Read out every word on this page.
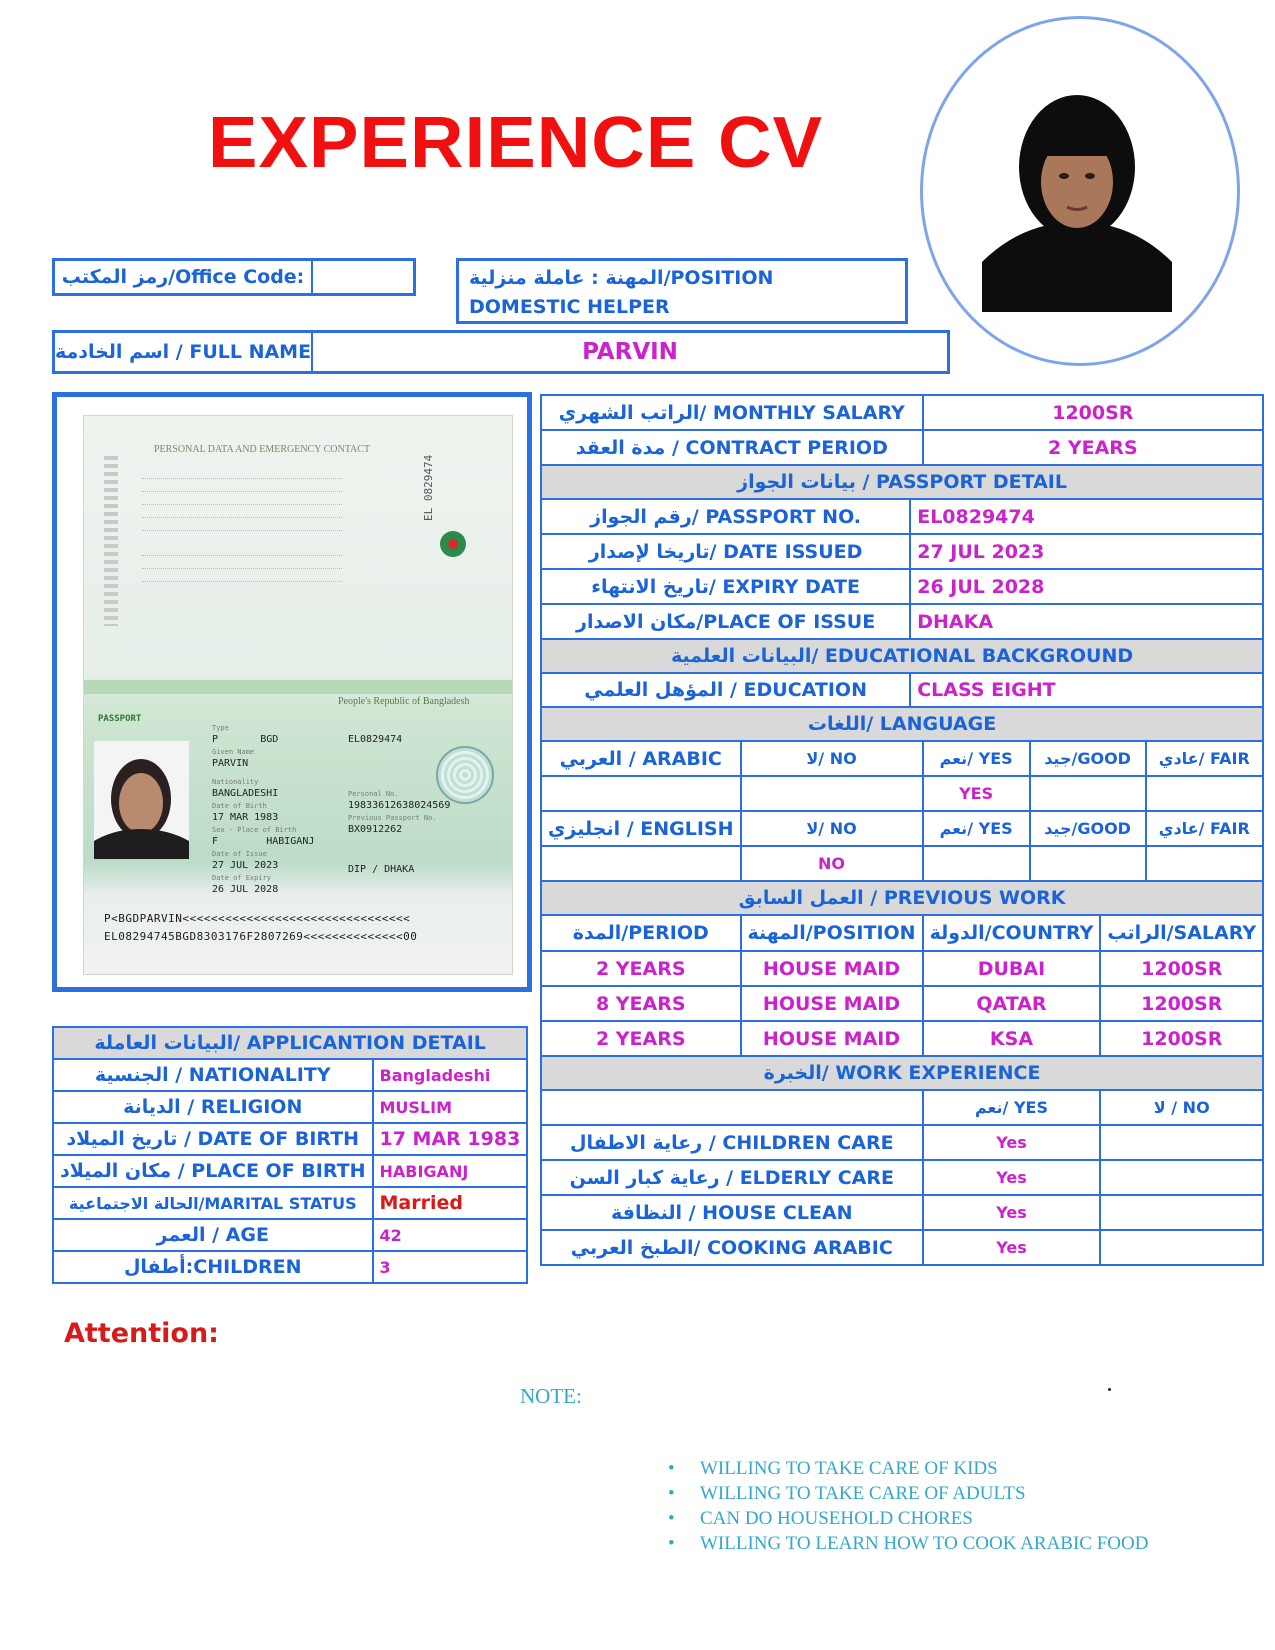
EXPERIENCE CV
رمز المكتب/Office Code:	المهنة : عاملة منزلية/POSITION
DOMESTIC HELPER
اسم الخادمة / FULL NAME	PARVIN
PERSONAL DATA AND EMERGENCY CONTACT
EL 0829474
People's Republic of Bangladesh
PASSPORT
Type
P	BGD
Given Name
PARVIN
Nationality
BANGLADESHI
Date of Birth
17 MAR 1983
Sex · Place of Birth
F	HABIGANJ
Date of Issue
27 JUL 2023
Date of Expiry
26 JUL 2028
EL0829474
Personal No.
19833612638024569
Previous Passport No.
BX0912262
DIP / DHAKA
P<BGDPARVIN<<<<<<<<<<<<<<<<<<<<<<<<<<<<<<<<
EL08294745BGD8303176F2807269<<<<<<<<<<<<<<00
الراتب الشهري/ MONTHLY SALARY			1200SR			
مدة العقد / CONTRACT PERIOD			2 YEARS			
بيانات الجواز / PASSPORT DETAIL						
رقم الجواز/ PASSPORT NO.		EL0829474				
تاريخا لإصدار/ DATE ISSUED		27 JUL 2023				
تاريخ الانتهاء/ EXPIRY DATE		26 JUL 2028				
مكان الاصدار/PLACE OF ISSUE		DHAKA				
البيانات العلمية/ EDUCATIONAL BACKGROUND						
المؤهل العلمي / EDUCATION		CLASS EIGHT				
اللغات/ LANGUAGE						
العربي / ARABIC	لا/ NO		نعم/ YES	جيد/GOOD		عادي/ FAIR
			YES			
انجليزي / ENGLISH	لا/ NO		نعم/ YES	جيد/GOOD		عادي/ FAIR
	NO					
العمل السابق / PREVIOUS WORK						
المدة/PERIOD	المهنة/POSITION		الدولة/COUNTRY		الراتب/SALARY	
2 YEARS	HOUSE MAID		DUBAI		1200SR	
8 YEARS	HOUSE MAID		QATAR		1200SR	
2 YEARS	HOUSE MAID		KSA		1200SR	
الخبرة/ WORK EXPERIENCE						
			نعم/ YES		لا / NO	
رعاية الاطفال / CHILDREN CARE			Yes			
رعاية كبار السن / ELDERLY CARE			Yes			
النظافة / HOUSE CLEAN			Yes			
الطبخ العربي/ COOKING ARABIC			Yes			
البيانات العاملة/ APPLICANTION DETAIL	
الجنسية / NATIONALITY	Bangladeshi
الديانة / RELIGION	MUSLIM
تاريخ الميلاد / DATE OF BIRTH	17 MAR 1983
مكان الميلاد / PLACE OF BIRTH	HABIGANJ
الحالة الاجتماعية/MARITAL STATUS	Married
العمر / AGE	42
أطفال:CHILDREN	3
Attention:
NOTE:
• WILLING TO TAKE CARE OF KIDS
• WILLING TO TAKE CARE OF ADULTS
• CAN DO HOUSEHOLD CHORES
• WILLING TO LEARN HOW TO COOK ARABIC FOOD
